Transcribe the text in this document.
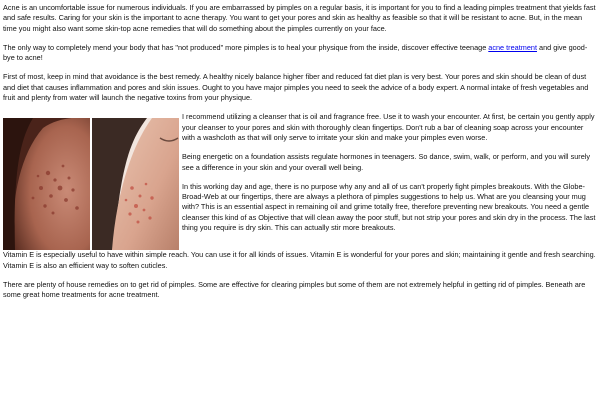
Acne is an uncomfortable issue for numerous individuals. If you are embarrassed by pimples on a regular basis, it is important for you to find a leading pimples treatment that yields fast and safe results. Caring for your skin is the important to acne therapy. You want to get your pores and skin as healthy as feasible so that it will be resistant to acne. But, in the mean time you might also want some skin-top acne remedies that will do something about the pimples currently on your face.

The only way to completely mend your body that has "not produced" more pimples is to heal your physique from the inside, discover effective teenage acne treatment and give good-bye to acne!

First of most, keep in mind that avoidance is the best remedy. A healthy nicely balance higher fiber and reduced fat diet plan is very best. Your pores and skin should be clean of dust and diet that causes inflammation and pores and skin issues. Ought to you have major pimples you need to seek the advice of a body expert. A normal intake of fresh vegetables and fruit and plenty from water will launch the negative toxins from your physique.

I recommend utilizing a cleanser that is oil and fragrance free. Use it to wash your encounter. At first, be certain you gently apply your cleanser to your pores and skin with thoroughly clean fingertips. Don't rub a bar of cleaning soap across your encounter with a washcloth as that will only serve to irritate your skin and make your pimples even worse.

Being energetic on a foundation assists regulate hormones in teenagers. So dance, swim, walk, or perform, and you will surely see a difference in your skin and your overall well being.

In this working day and age, there is no purpose why any and all of us can't properly fight pimples breakouts. With the Globe-Broad-Web at our fingertips, there are always a plethora of pimples suggestions to help us. What are you cleansing your mug with? This is an essential aspect in remaining oil and grime totally free, therefore preventing new breakouts. You need a gentle cleanser this kind of as Objective that will clean away the poor stuff, but not strip your pores and skin dry in the process. The last thing you require is dry skin. This can actually stir more breakouts.

Vitamin E is especially useful to have within simple reach. You can use it for all kinds of issues. Vitamin E is wonderful for your pores and skin; maintaining it gentle and fresh searching. Vitamin E is also an efficient way to soften cuticles.

There are plenty of house remedies on to get rid of pimples. Some are effective for clearing pimples but some of them are not extremely helpful in getting rid of pimples. Beneath are some great home treatments for acne treatment.
